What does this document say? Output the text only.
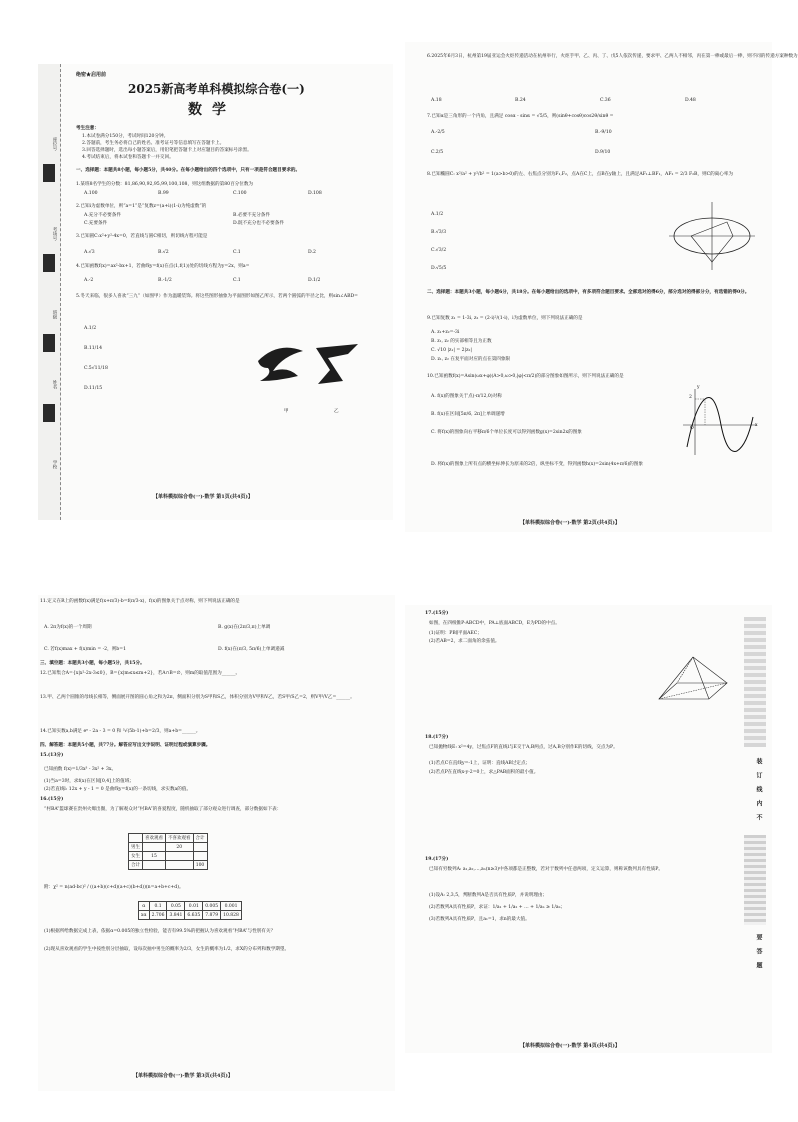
座位号
考场号
班级
姓名
学校
绝密★启用前
2025新高考单科模拟综合卷(一)
数学
考生注意：
1.本试卷满分150分，考试时间120分钟。
2.答题前，考生务必将自己的姓名、准考证号等信息填写在答题卡上。
3.回答选择题时，选出每小题答案后，用铅笔把答题卡上对应题目的答案标号涂黑。
4.考试结束后，将本试卷和答题卡一并交回。
一、选择题：本题共8小题，每小题5分，共40分。在每小题给出的四个选项中，只有一项是符合题目要求的。
1.某班8名学生的分数：81,86,90,92,95,99,100,108，则这组数据的第80百分位数为
A.100	B.99	C.100	D.108
2.已知i为虚数单位，则“a=1”是“复数z=(a+i)(1-i)为纯虚数”的
A.充分不必要条件	B.必要不充分条件
C.充要条件	D.既不充分也不必要条件
3.已知圆C:x²+y²-4x=0，若直线与圆C相切，则切线方程可能是
A.√3	B.√2	C.1	D.2
4.已知函数f(x)=ax²-bx+1，若曲线y=f(x)在点(1,f(1))处的切线方程为y=2x，则a=
A.-2	B.-1/2	C.1	D.1/2
5.冬天来临，很多人喜欢“三九”（如图甲）作为温暖装饰。将这些图形抽象为平面图形如图乙所示，若两个圆弧的半径之比，则sin∠ABD=
A.1/2
B.11/14
C.5√11/18
D.11/15
甲	乙
【单科模拟综合卷(一)·数学 第1页(共4页)】
6.2025年6月3日，杭州第19届亚运会火炬传递活动在杭州举行，火炬手甲、乙、丙、丁、戊5人依次传递，要求甲、乙两人不相邻，丙在第一棒或最后一棒，则不同的传递方案种数为
A.18	B.24	C.36	D.48
7.已知α是三角形的一个内角，且满足 cosα - sinα = √5/5，则(sinθ+cosθ)cos2θ/sinθ =
A.-2/5	B.-9/10
C.2/5	D.9/10
8.已知椭圆C: x²/a² + y²/b² = 1(a>b>0)的左、右焦点分别为F₁,F₂，点A在C上，点B在y轴上，且满足AF₁⊥BF₁，AF₂ = 2/3 F₂B，则C的离心率为
A.1/2
B.√3/3
C.√3/2
D.√5/5
二、选择题：本题共3小题，每小题6分，共18分。在每小题给出的选项中，有多项符合题目要求。全部选对的得6分，部分选对的得部分分，有选错的得0分。
9.已知复数 z₁ = 1-3i, z₂ = (2-i)²/(1-i)，i为虚数单位，则下列说法正确的是
A. z₁+z₂=-3i
B. z₁, z₂ 的实部相等且为正数
C. √10 |z₁| = 2|z₂|
D. z₁, z₂ 在复平面对应的点在第四象限
10.已知函数f(x)=Asin(ωx+φ)(A>0,ω>0,|φ|<π/2)的部分图象如图所示，则下列说法正确的是
A. f(x)的图象关于点(-π/12,0)对称
B. f(x)在区间[5π/6, 2π]上单调递增
C. 将f(x)的图象向右平移π/6个单位长度可以得到函数g(x)=2sin2x的图象
D. 将f(x)的图象上所有点的横坐标伸长为原来的2倍，纵坐标不变，得到函数h(x)=2sin(4x+π/6)的图象
2
O
x
y
【单科模拟综合卷(一)·数学 第2页(共4页)】
11.定义在R上的函数f(x)满足f(x+π/3)-b=f(π/3-x)，f(x)的图象关于点对称，则下列说法正确的是
A. 2π为f(x)的一个周期	B. g(x)在(2π/3,π)上单调
C. 若f(x)max + f(x)min = -2，则b=1	D. f(x)在(π/3, 5π/6)上单调递减
三、填空题：本题共3小题，每小题5分，共15分。
12.已知集合A={x|x²-2x-3≤0}，B={x|m≤x≤m+2}，若A∩B=∅，则m的取值范围为______。
13.甲、乙两个圆锥的母线长相等，侧面展开图的圆心角之和为2π，侧面积分别为S甲和S乙，体积分别为V甲和V乙，若S甲/S乙=2，则V甲/V乙=______。
14.已知实数a,b满足 eᵃ - 2a - 3 = 0 和 ³√(5b-1)+b=2/3，则a+b=______。
四、解答题：本题共5小题，共77分。解答应写出文字说明、证明过程或演算步骤。
15.(13分)
已知函数 f(x)=1/3x³ - 3x² + 3x。
(1)当a=3时，求f(x)在区间[0,4]上的值域；
(2)若直线l: 12x + y - 1 = 0 是曲线y=f(x)的一条切线，求实数a的值。
16.(15分)
“村BA”篮球赛在贵州火爆出圈，为了解观众对“村BA”的喜爱程度，随机抽取了部分观众进行调查，部分数据如下表：
	喜欢观看	不喜欢观看	合计
男生		20	
女生	15		
合计			100
附：χ² = n(ad-bc)² / ((a+b)(c+d)(a+c)(b+d))(n=a+b+c+d)。
α	0.1	0.05	0.01	0.005	0.001
xα	2.706	3.841	6.635	7.879	10.828
(1)根据所给数据完成上表，依据α=0.005的独立性检验，能否有99.5%的把握认为喜欢观看“村BA”与性别有关？
(2)现从喜欢观看的学生中按性别分层抽取，设每次抽中男生的概率为2/3，女生的概率为1/2，求X的分布列和数学期望。
【单科模拟综合卷(一)·数学 第3页(共4页)】
17.(15分)
如图，在四棱锥P-ABCD中，PA⊥底面ABCD，E为PD的中点。
(1)证明：PB∥平面AEC；
(2)若AB=2，求二面角的余弦值。
18.(17分)
已知抛物线E: x²=4y，过焦点F的直线l与E交于A,B两点，过A,B分别作E的切线，交点为P。
(1)若点C在直线y=-1上，证明：直线AB过定点；
(2)若点P在直线x-y-2=0上，求△PAB面积的最小值。
19.(17分)
已知有穷数列A: a₁,a₂,…,aₙ(n≥3)中各项都是正整数，若对于数列中任意两项，定义运算，则称该数列具有性质P。
(1)设A: 2,3,5，判断数列A是否具有性质P，并说明理由；
(2)若数列A具有性质P，求证：1/a₁ + 1/a₂ + … + 1/aₙ ≥ 1/aₙ；
(3)若数列A具有性质P，且a₁=1，求n的最大值。
装
订
线
内
不
要
答
题
【单科模拟综合卷(一)·数学 第4页(共4页)】
